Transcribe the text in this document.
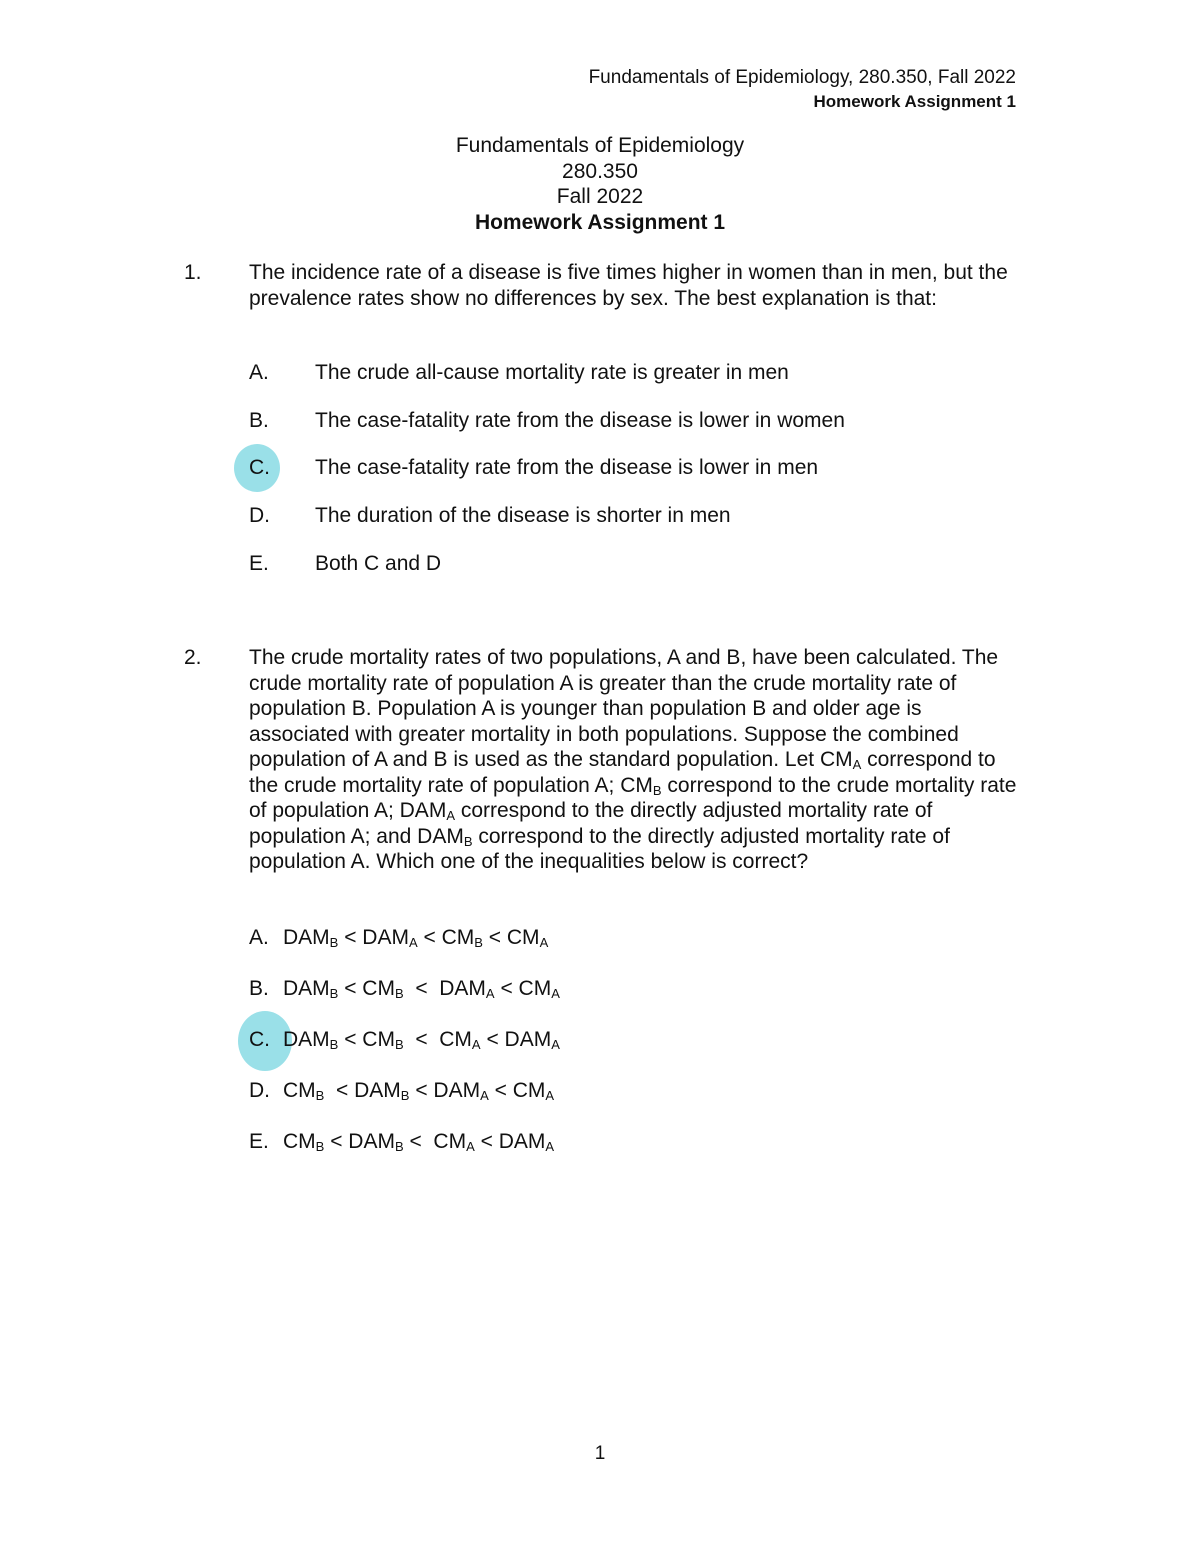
Fundamentals of Epidemiology, 280.350, Fall 2022
Homework Assignment 1
Fundamentals of Epidemiology
280.350
Fall 2022
Homework Assignment 1
1. The incidence rate of a disease is five times higher in women than in men, but the prevalence rates show no differences by sex. The best explanation is that:
A. The crude all-cause mortality rate is greater in men
B. The case-fatality rate from the disease is lower in women
C. The case-fatality rate from the disease is lower in men
D. The duration of the disease is shorter in men
E. Both C and D
2. The crude mortality rates of two populations, A and B, have been calculated. The crude mortality rate of population A is greater than the crude mortality rate of population B. Population A is younger than population B and older age is associated with greater mortality in both populations. Suppose the combined population of A and B is used as the standard population. Let $CM_A$ correspond to the crude mortality rate of population A; $CM_B$ correspond to the crude mortality rate of population A; $DAM_A$ correspond to the directly adjusted mortality rate of population A; and $DAM_B$ correspond to the directly adjusted mortality rate of population A. Which one of the inequalities below is correct?
A. $DAM_B < DAM_A < CM_B < CM_A$
B. $DAM_B < CM_B < DAM_A < CM_A$
C. $DAM_B < CM_B < CM_A < DAM_A$
D. $CM_B < DAM_B < DAM_A < CM_A$
E. $CM_B < DAM_B < CM_A < DAM_A$
1
